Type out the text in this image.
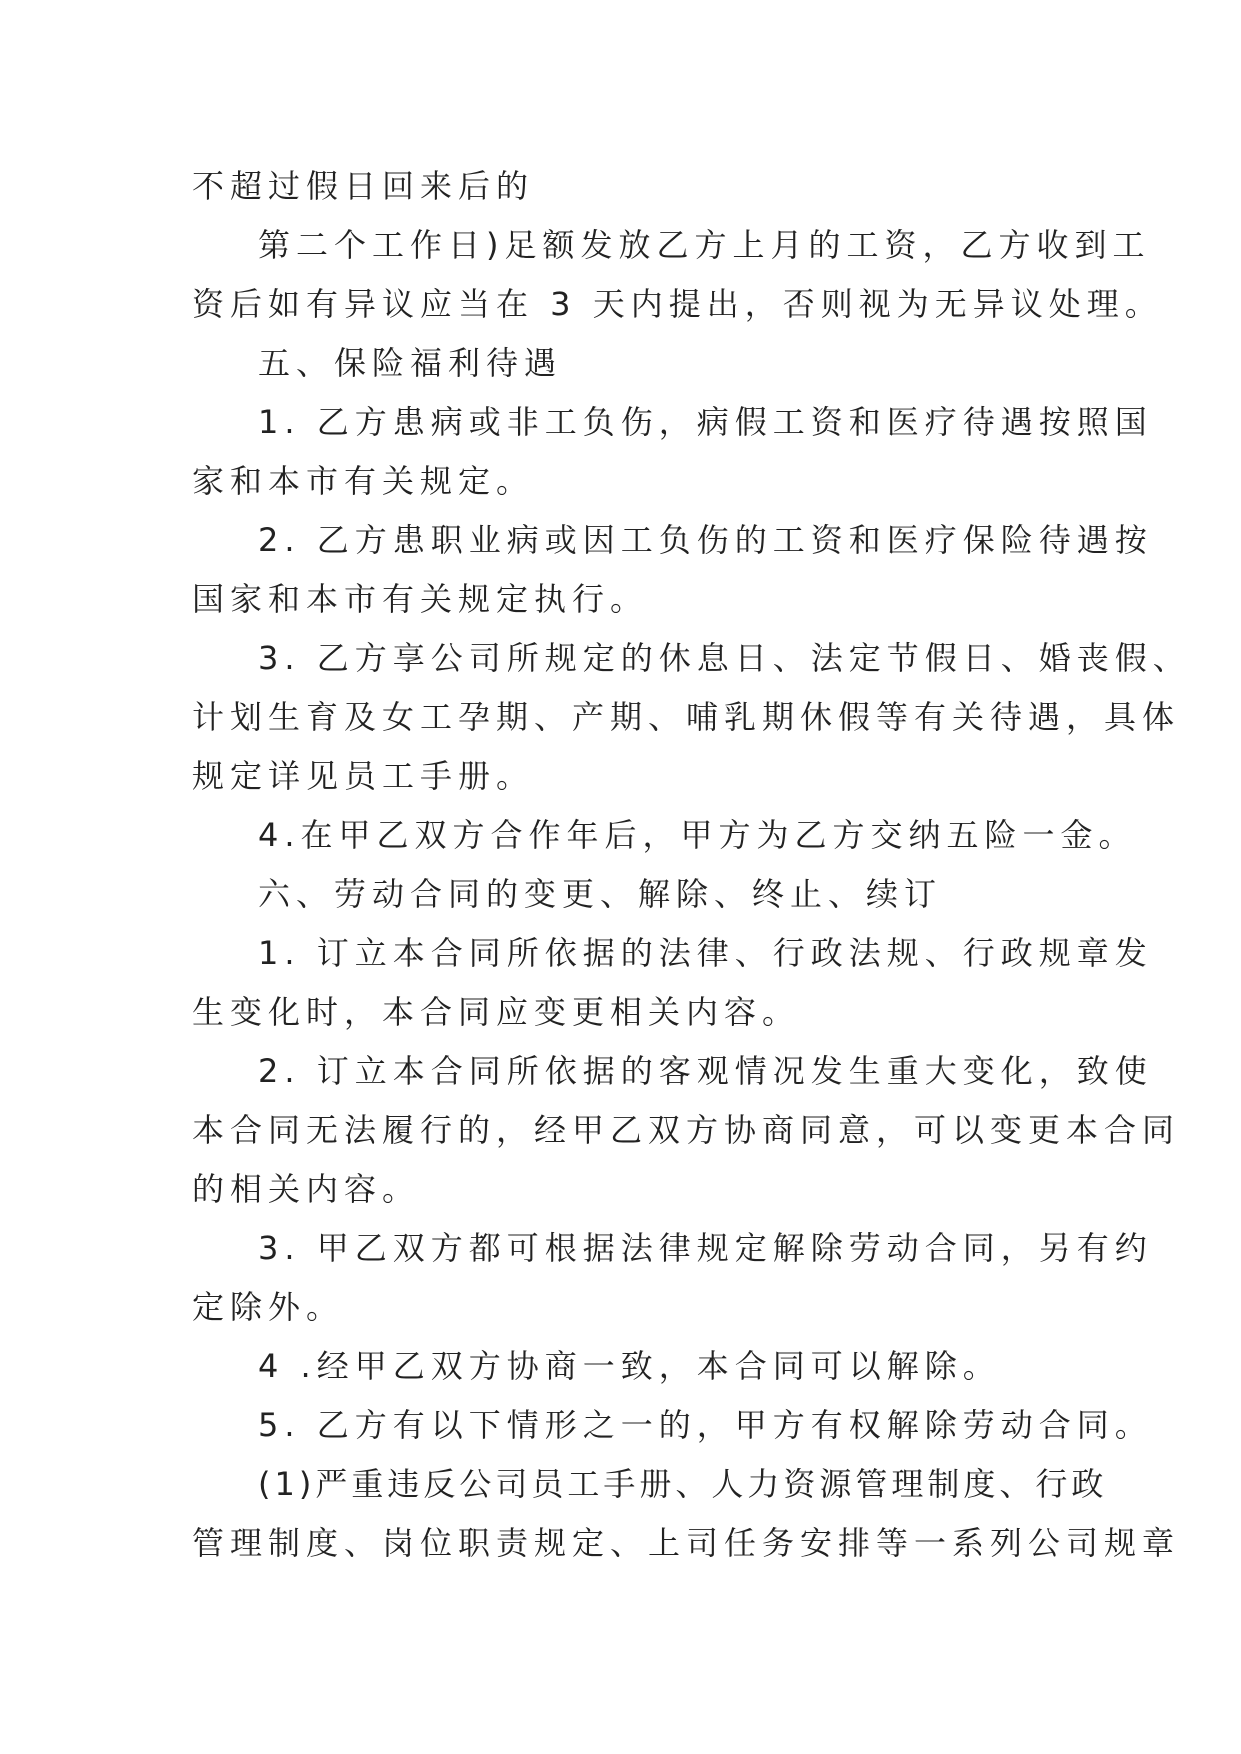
不超过假日回来后的
第二个工作日)足额发放乙方上月的工资，乙方收到工
资后如有异议应当在 3 天内提出，否则视为无异议处理。
五、保险福利待遇
1. 乙方患病或非工负伤，病假工资和医疗待遇按照国
家和本市有关规定。
2. 乙方患职业病或因工负伤的工资和医疗保险待遇按
国家和本市有关规定执行。
3. 乙方享公司所规定的休息日、法定节假日、婚丧假、
计划生育及女工孕期、产期、哺乳期休假等有关待遇，具体
规定详见员工手册。
4.在甲乙双方合作年后，甲方为乙方交纳五险一金。
六、劳动合同的变更、解除、终止、续订
1. 订立本合同所依据的法律、行政法规、行政规章发
生变化时，本合同应变更相关内容。
2. 订立本合同所依据的客观情况发生重大变化，致使
本合同无法履行的，经甲乙双方协商同意，可以变更本合同
的相关内容。
3. 甲乙双方都可根据法律规定解除劳动合同，另有约
定除外。
4 .经甲乙双方协商一致，本合同可以解除。
5. 乙方有以下情形之一的，甲方有权解除劳动合同。
(1)严重违反公司员工手册、人力资源管理制度、行政
管理制度、岗位职责规定、上司任务安排等一系列公司规章
